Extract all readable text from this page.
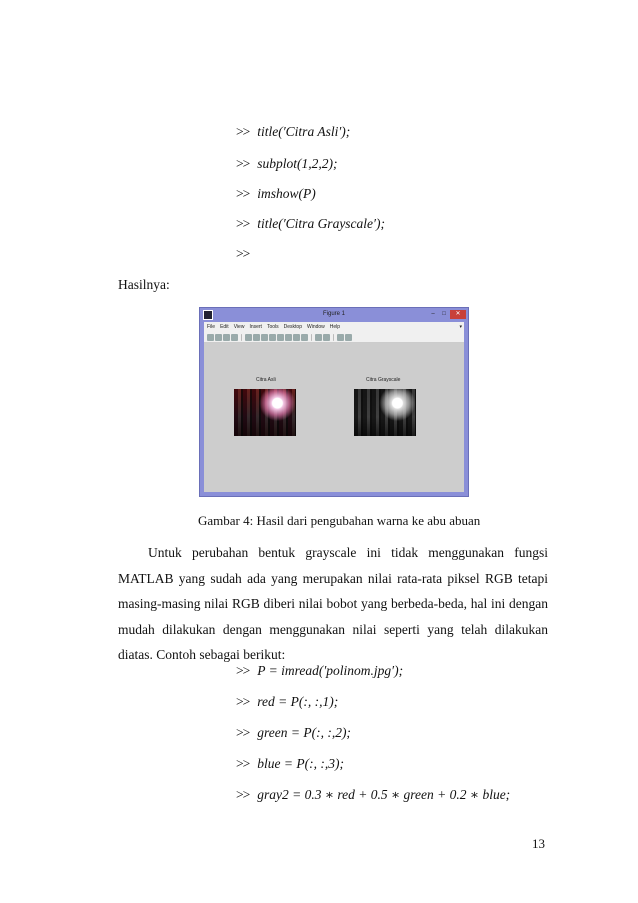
>> title(′Citra Asli′);
>> subplot(1,2,2);
>> imshow(P)
>> title(′Citra Grayscale′);
>>
Hasilnya:
Figure 1	–	□	✕
File Edit View Insert Tools Desktop Window Help	▾
Citra Asli	Citra Grayscale
Gambar 4: Hasil dari pengubahan warna ke abu abuan
Untuk perubahan bentuk grayscale ini tidak menggunakan fungsi MATLAB yang sudah ada yang merupakan nilai rata-rata piksel RGB tetapi masing-masing nilai RGB diberi nilai bobot yang berbeda-beda, hal ini dengan mudah dilakukan dengan menggunakan nilai seperti yang telah dilakukan diatas. Contoh sebagai berikut:
>> P = imread(′polinom.jpg′);
>> red = P(:, :,1);
>> green = P(:, :,2);
>> blue = P(:, :,3);
>> gray2 = 0.3 ∗ red + 0.5 ∗ green + 0.2 ∗ blue;
13
